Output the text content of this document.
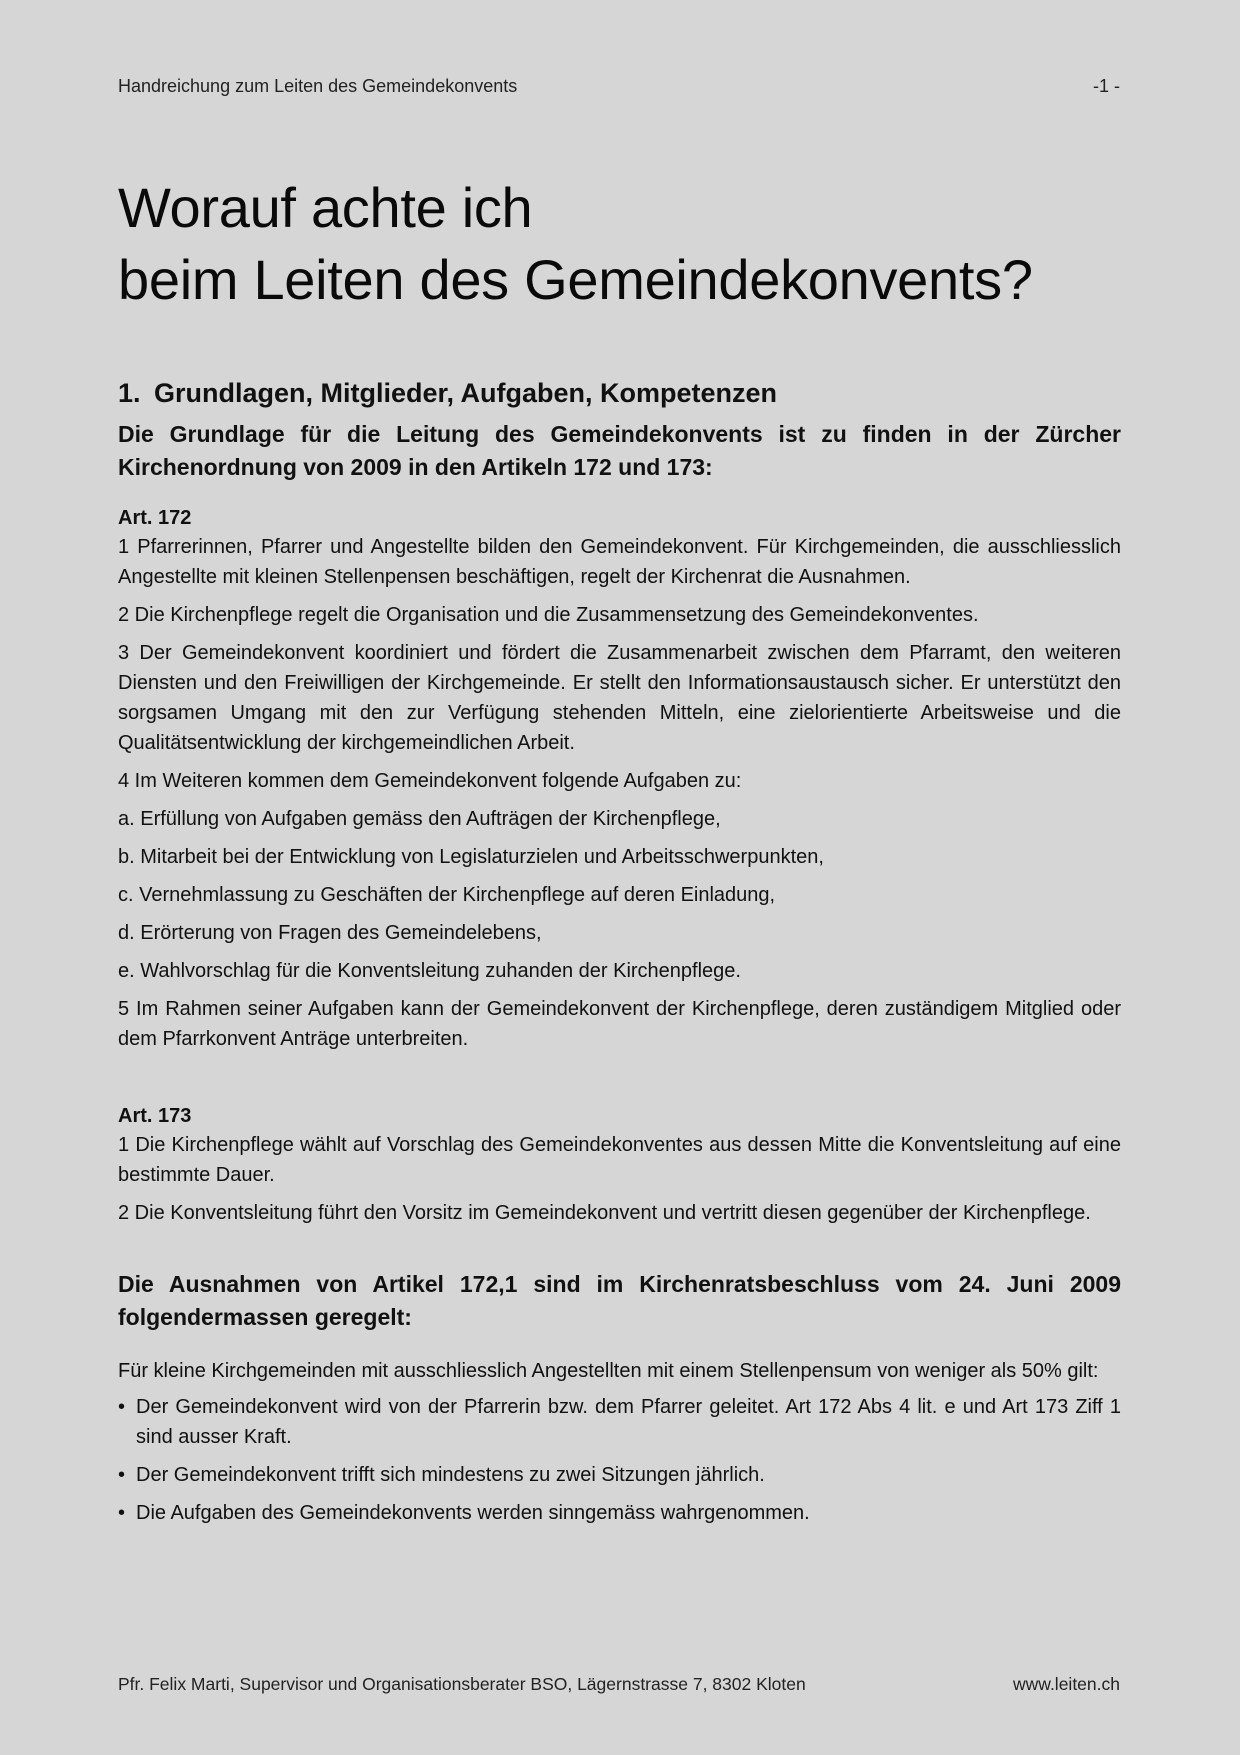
Handreichung zum Leiten des Gemeindekonvents	-1 -
Worauf achte ich
beim Leiten des Gemeindekonvents?
1. Grundlagen, Mitglieder, Aufgaben, Kompetenzen

Die Grundlage für die Leitung des Gemeindekonvents ist zu finden in der Zürcher Kirchenordnung von 2009 in den Artikeln 172 und 173:

Art. 172

1 Pfarrerinnen, Pfarrer und Angestellte bilden den Gemeindekonvent. Für Kirchgemeinden, die ausschliesslich Angestellte mit kleinen Stellenpensen beschäftigen, regelt der Kirchenrat die Ausnahmen.

2 Die Kirchenpflege regelt die Organisation und die Zusammensetzung des Gemeindekonventes.

3 Der Gemeindekonvent koordiniert und fördert die Zusammenarbeit zwischen dem Pfarramt, den weiteren Diensten und den Freiwilligen der Kirchgemeinde. Er stellt den Informationsaustausch sicher. Er unterstützt den sorgsamen Umgang mit den zur Verfügung stehenden Mitteln, eine zielorientierte Arbeitsweise und die Qualitätsentwicklung der kirchgemeindlichen Arbeit.

4 Im Weiteren kommen dem Gemeindekonvent folgende Aufgaben zu:

a. Erfüllung von Aufgaben gemäss den Aufträgen der Kirchenpflege,

b. Mitarbeit bei der Entwicklung von Legislaturzielen und Arbeitsschwerpunkten,

c. Vernehmlassung zu Geschäften der Kirchenpflege auf deren Einladung,

d. Erörterung von Fragen des Gemeindelebens,

e. Wahlvorschlag für die Konventsleitung zuhanden der Kirchenpflege.

5 Im Rahmen seiner Aufgaben kann der Gemeindekonvent der Kirchenpflege, deren zuständigem Mitglied oder dem Pfarrkonvent Anträge unterbreiten.

Art. 173

1 Die Kirchenpflege wählt auf Vorschlag des Gemeindekonventes aus dessen Mitte die Konventsleitung auf eine bestimmte Dauer.

2 Die Konventsleitung führt den Vorsitz im Gemeindekonvent und vertritt diesen gegenüber der Kirchenpflege.

Die Ausnahmen von Artikel 172,1 sind im Kirchenratsbeschluss vom 24. Juni 2009 folgendermassen geregelt:

Für kleine Kirchgemeinden mit ausschliesslich Angestellten mit einem Stellenpensum von weniger als 50% gilt:

• Der Gemeindekonvent wird von der Pfarrerin bzw. dem Pfarrer geleitet. Art 172 Abs 4 lit. e und Art 173 Ziff 1 sind ausser Kraft.
• Der Gemeindekonvent trifft sich mindestens zu zwei Sitzungen jährlich.
• Die Aufgaben des Gemeindekonvents werden sinngemäss wahrgenommen.
Pfr. Felix Marti, Supervisor und Organisationsberater BSO, Lägernstrasse 7, 8302 Kloten	www.leiten.ch
